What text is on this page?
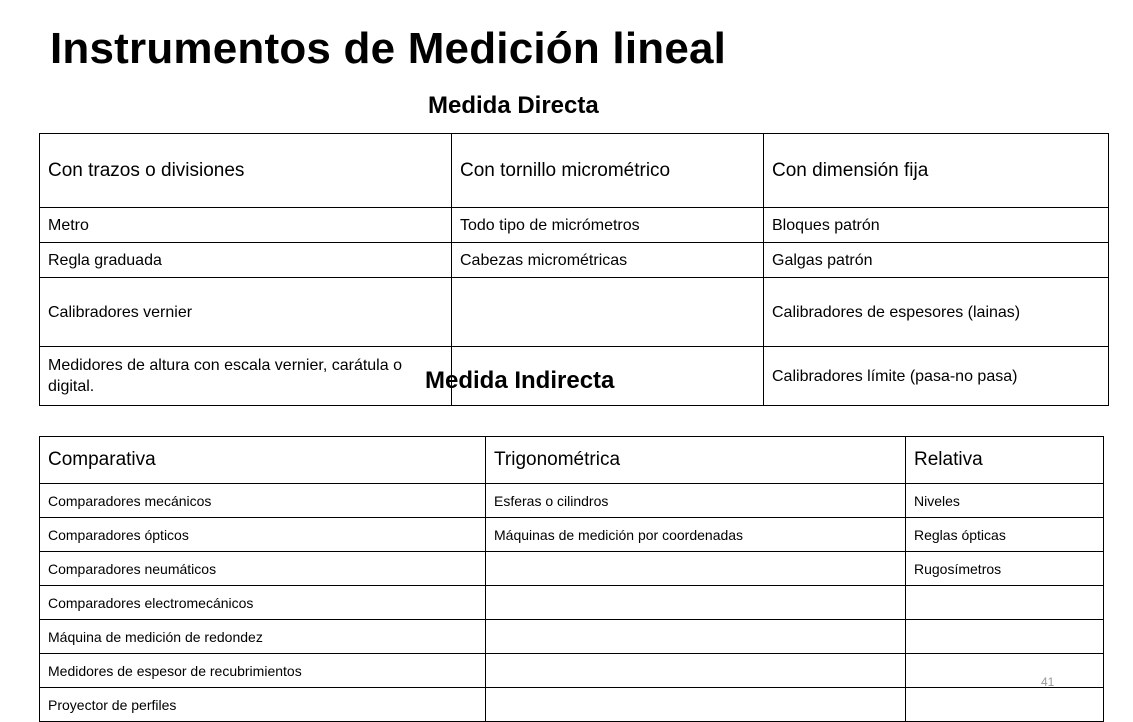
Instrumentos de Medición lineal
Medida Directa
Con trazos o divisiones	Con tornillo micrométrico	Con dimensión fija
Metro	Todo tipo de micrómetros	Bloques patrón
Regla graduada	Cabezas micrométricas	Galgas patrón
Calibradores vernier		Calibradores de espesores (lainas)
Medidores de altura con escala vernier, carátula o digital.		Calibradores límite (pasa-no pasa)
Medida Indirecta
Comparativa	Trigonométrica	Relativa
Comparadores mecánicos	Esferas o cilindros	Niveles
Comparadores ópticos	Máquinas de medición por coordenadas	Reglas ópticas
Comparadores neumáticos		Rugosímetros
Comparadores electromecánicos		
Máquina de medición de redondez		
Medidores de espesor de recubrimientos		
Proyector de perfiles		
41
